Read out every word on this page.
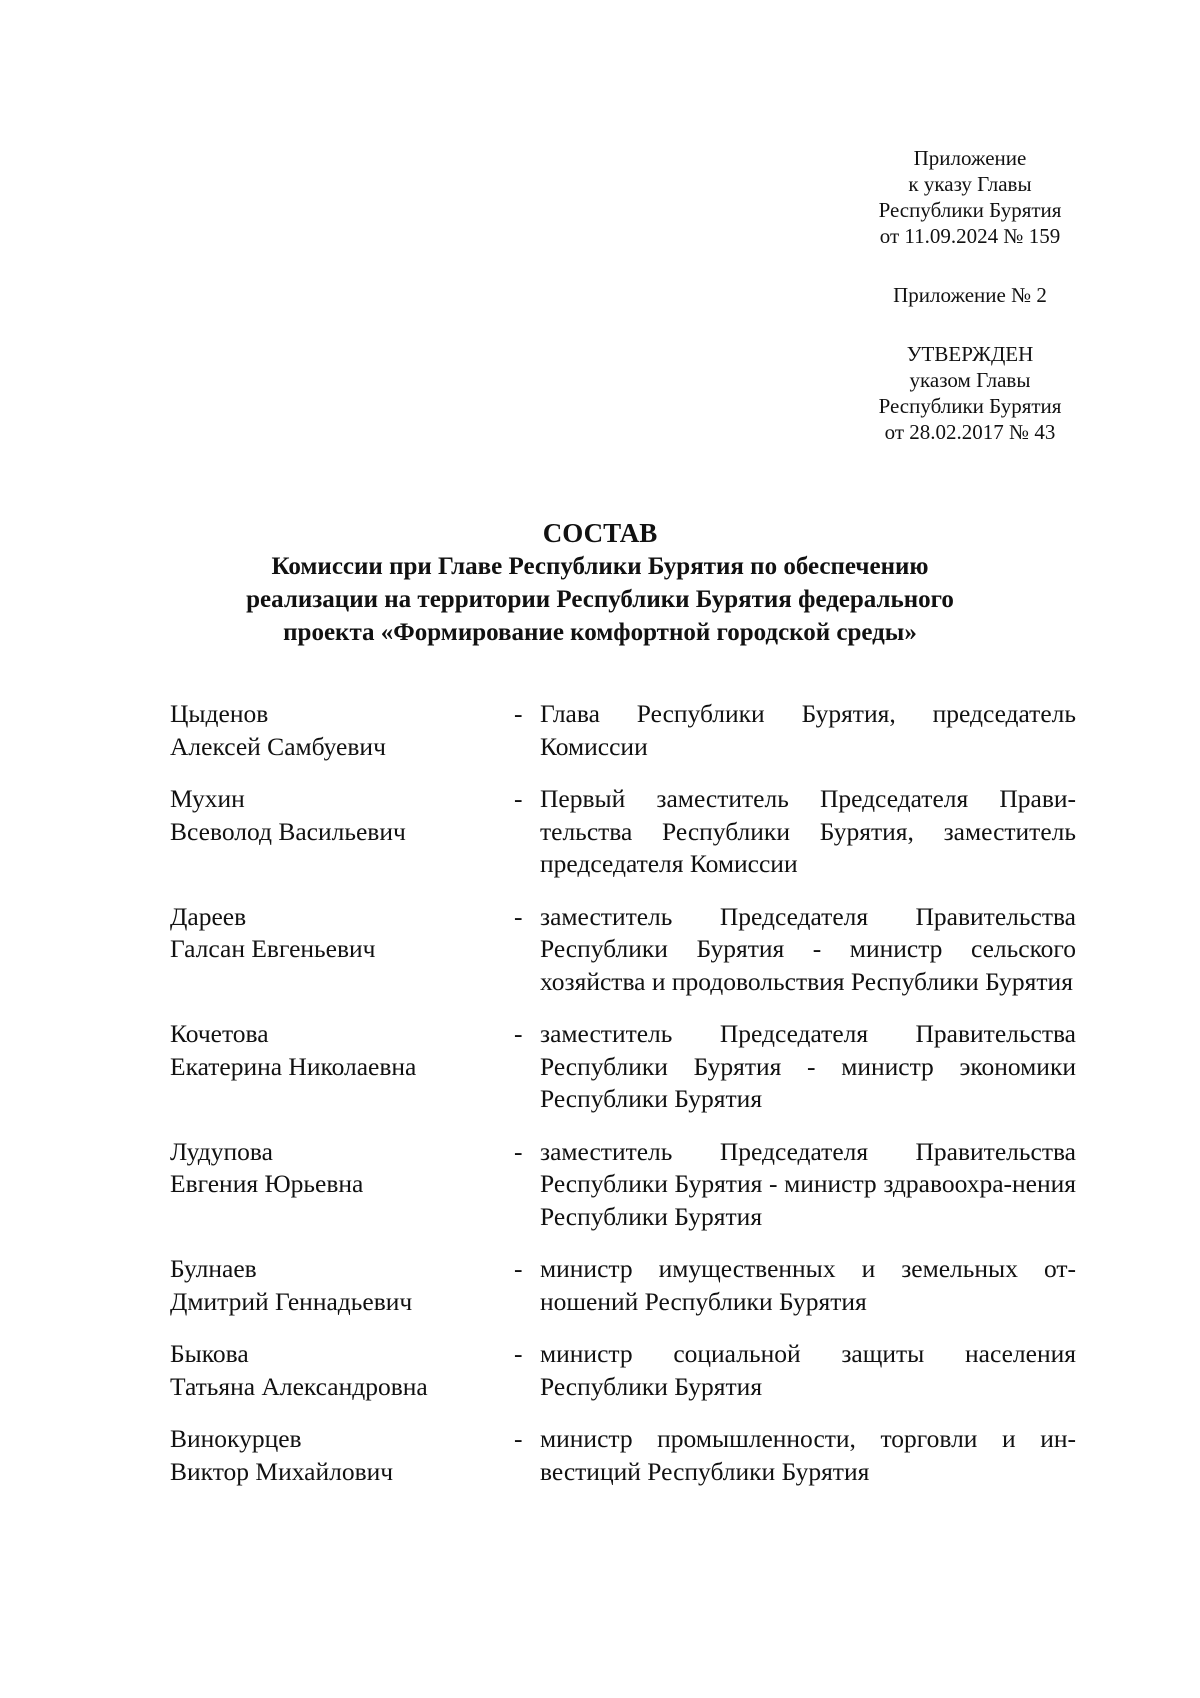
Приложение
к указу Главы
Республики Бурятия
от 11.09.2024 № 159
Приложение № 2
УТВЕРЖДЕН
указом Главы
Республики Бурятия
от 28.02.2017 № 43
СОСТАВ
Комиссии при Главе Республики Бурятия по обеспечению
реализации на территории Республики Бурятия федерального
проекта «Формирование комфортной городской среды»
Цыденов
Алексей Самбуевич
- Глава Республики Бурятия, председатель Комиссии
Мухин
Всеволод Васильевич
- Первый заместитель Председателя Прави-тельства Республики Бурятия, заместитель председателя Комиссии
Дареев
Галсан Евгеньевич
- заместитель Председателя Правительства Республики Бурятия - министр сельского хозяйства и продовольствия Республики Бурятия
Кочетова
Екатерина Николаевна
- заместитель Председателя Правительства Республики Бурятия - министр экономики Республики Бурятия
Лудупова
Евгения Юрьевна
- заместитель Председателя Правительства Республики Бурятия - министр здравоохра-нения Республики Бурятия
Булнаев
Дмитрий Геннадьевич
- министр имущественных и земельных от-ношений Республики Бурятия
Быкова
Татьяна Александровна
- министр социальной защиты населения Республики Бурятия
Винокурцев
Виктор Михайлович
- министр промышленности, торговли и ин-вестиций Республики Бурятия
